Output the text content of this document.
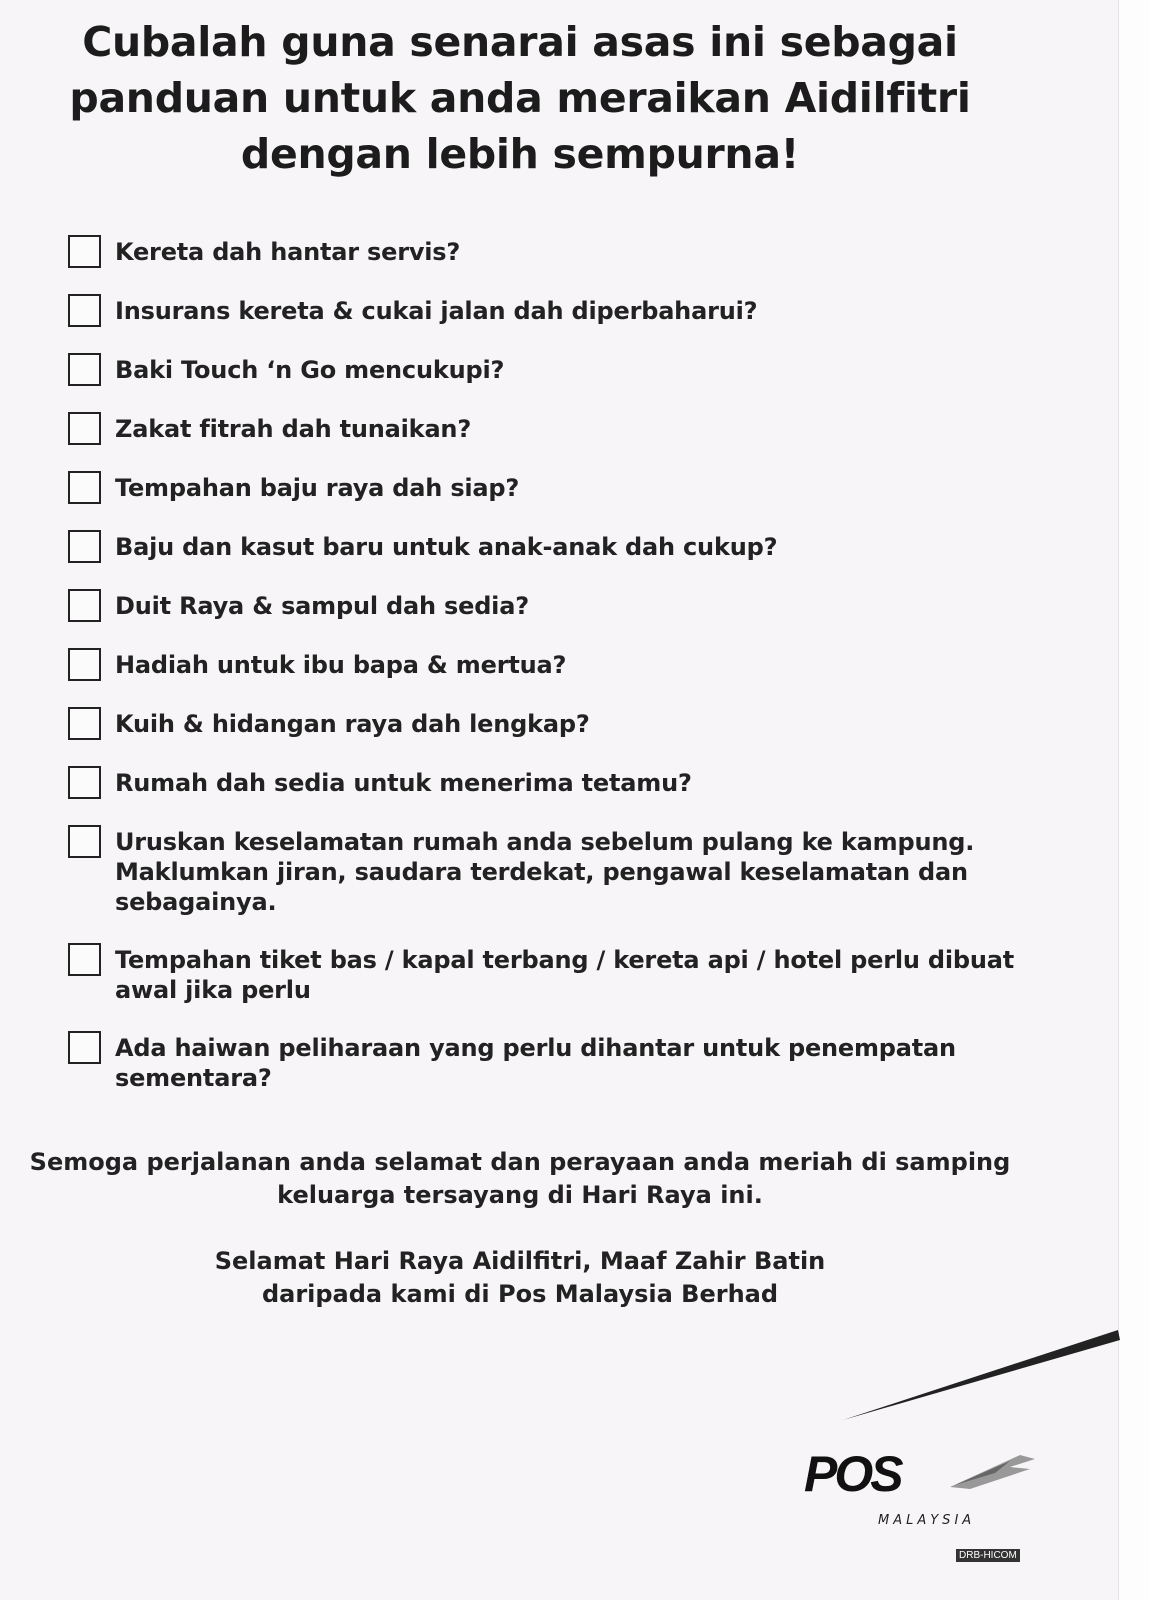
Cubalah guna senarai asas ini sebagai
panduan untuk anda meraikan Aidilfitri
dengan lebih sempurna!
Kereta dah hantar servis?
Insurans kereta & cukai jalan dah diperbaharui?
Baki Touch ‘n Go mencukupi?
Zakat fitrah dah tunaikan?
Tempahan baju raya dah siap?
Baju dan kasut baru untuk anak-anak dah cukup?
Duit Raya & sampul dah sedia?
Hadiah untuk ibu bapa & mertua?
Kuih & hidangan raya dah lengkap?
Rumah dah sedia untuk menerima tetamu?
Uruskan keselamatan rumah anda sebelum pulang ke kampung.
Maklumkan jiran, saudara terdekat, pengawal keselamatan dan
sebagainya.
Tempahan tiket bas / kapal terbang / kereta api / hotel perlu dibuat
awal jika perlu
Ada haiwan peliharaan yang perlu dihantar untuk penempatan
sementara?
Semoga perjalanan anda selamat dan perayaan anda meriah di samping
keluarga tersayang di Hari Raya ini.
Selamat Hari Raya Aidilfitri, Maaf Zahir Batin
daripada kami di Pos Malaysia Berhad
POS
MALAYSIA
DRB-HICOM
